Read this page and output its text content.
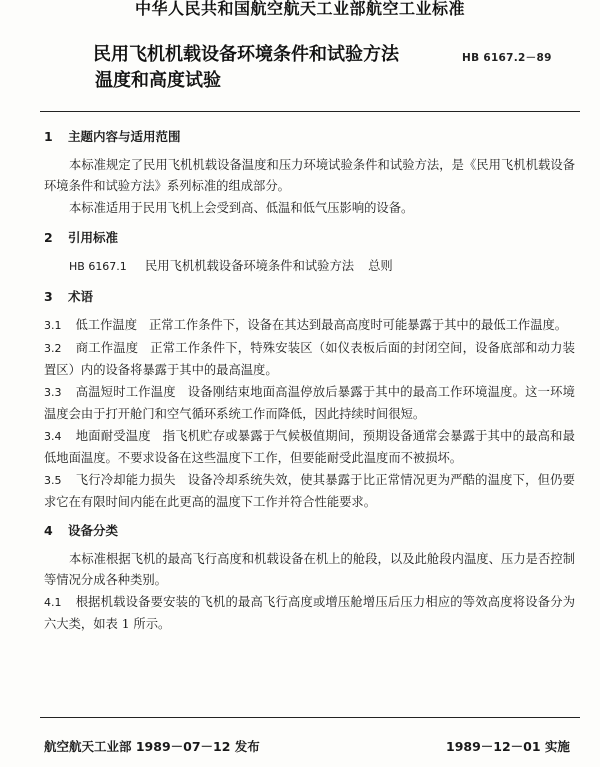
中华人民共和国航空航天工业部航空工业标准
民用飞机机载设备环境条件和试验方法
温度和高度试验
HB 6167.2－89
1 主题内容与适用范围

本标准规定了民用飞机机载设备温度和压力环境试验条件和试验方法，是《民用飞机机载设备环境条件和试验方法》系列标准的组成部分。

本标准适用于民用飞机上会受到高、低温和低气压影响的设备。

2 引用标准
HB 6167.1 民用飞机机载设备环境条件和试验方法 总则
3 术语

3.1 低工作温度 正常工作条件下，设备在其达到最高高度时可能暴露于其中的最低工作温度。

3.2 商工作温度 正常工作条件下，特殊安装区（如仪表板后面的封闭空间，设备底部和动力装置区）内的设备将暴露于其中的最高温度。

3.3 高温短时工作温度 设备刚结束地面高温停放后暴露于其中的最高工作环境温度。这一环境温度会由于打开舱门和空气循环系统工作而降低，因此持续时间很短。

3.4 地面耐受温度 指飞机贮存或暴露于气候极值期间，预期设备通常会暴露于其中的最高和最低地面温度。不要求设备在这些温度下工作，但要能耐受此温度而不被损坏。

3.5 飞行冷却能力损失 设备冷却系统失效，使其暴露于比正常情况更为严酷的温度下，但仍要求它在有限时间内能在此更高的温度下工作并符合性能要求。

4 设备分类

本标准根据飞机的最高飞行高度和机载设备在机上的舱段，以及此舱段内温度、压力是否控制等情况分成各种类别。

4.1 根据机载设备要安装的飞机的最高飞行高度或增压舱增压后压力相应的等效高度将设备分为六大类，如表 1 所示。

航空航天工业部 1989－07－12 发布	1989－12－01 实施
